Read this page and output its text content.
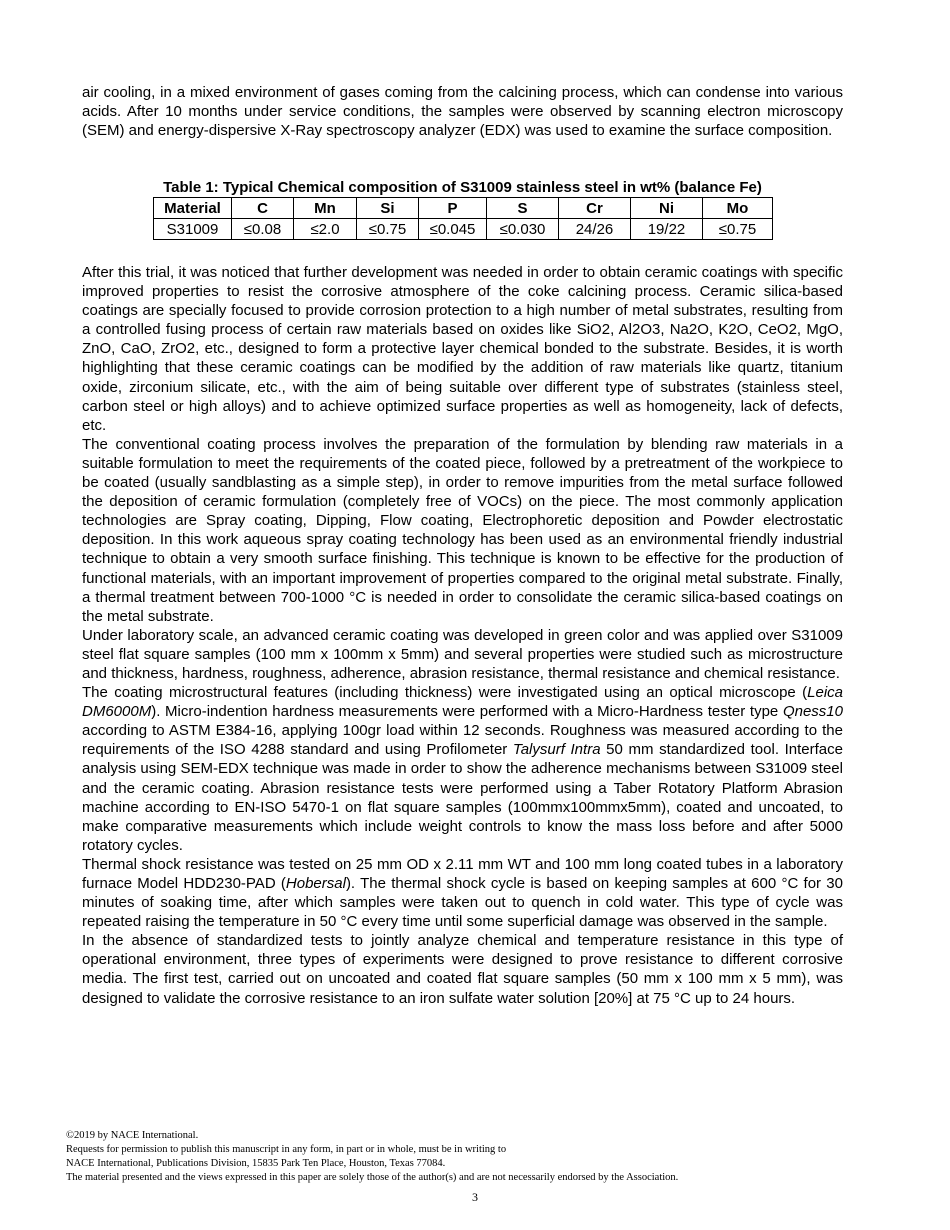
air cooling, in a mixed environment of gases coming from the calcining process, which can condense into various acids. After 10 months under service conditions, the samples were observed by scanning electron microscopy (SEM) and energy-dispersive X-Ray spectroscopy analyzer (EDX) was used to examine the surface composition.

Table 1: Typical Chemical composition of S31009 stainless steel in wt% (balance Fe)

Material	C	Mn	Si	P	S	Cr	Ni	Mo
S31009	≤0.08	≤2.0	≤0.75	≤0.045	≤0.030	24/26	19/22	≤0.75

After this trial, it was noticed that further development was needed in order to obtain ceramic coatings with specific improved properties to resist the corrosive atmosphere of the coke calcining process. Ceramic silica-based coatings are specially focused to provide corrosion protection to a high number of metal substrates, resulting from a controlled fusing process of certain raw materials based on oxides like SiO2, Al2O3, Na2O, K2O, CeO2, MgO, ZnO, CaO, ZrO2, etc., designed to form a protective layer chemical bonded to the substrate. Besides, it is worth highlighting that these ceramic coatings can be modified by the addition of raw materials like quartz, titanium oxide, zirconium silicate, etc., with the aim of being suitable over different type of substrates (stainless steel, carbon steel or high alloys) and to achieve optimized surface properties as well as homogeneity, lack of defects, etc.

The conventional coating process involves the preparation of the formulation by blending raw materials in a suitable formulation to meet the requirements of the coated piece, followed by a pretreatment of the workpiece to be coated (usually sandblasting as a simple step), in order to remove impurities from the metal surface followed the deposition of ceramic formulation (completely free of VOCs) on the piece. The most commonly application technologies are Spray coating, Dipping, Flow coating, Electrophoretic deposition and Powder electrostatic deposition. In this work aqueous spray coating technology has been used as an environmental friendly industrial technique to obtain a very smooth surface finishing. This technique is known to be effective for the production of functional materials, with an important improvement of properties compared to the original metal substrate. Finally, a thermal treatment between 700-1000 °C is needed in order to consolidate the ceramic silica-based coatings on the metal substrate.

Under laboratory scale, an advanced ceramic coating was developed in green color and was applied over S31009 steel flat square samples (100 mm x 100mm x 5mm) and several properties were studied such as microstructure and thickness, hardness, roughness, adherence, abrasion resistance, thermal resistance and chemical resistance.

The coating microstructural features (including thickness) were investigated using an optical microscope (Leica DM6000M). Micro-indention hardness measurements were performed with a Micro-Hardness tester type Qness10 according to ASTM E384-16, applying 100gr load within 12 seconds. Roughness was measured according to the requirements of the ISO 4288 standard and using Profilometer Talysurf Intra 50 mm standardized tool. Interface analysis using SEM-EDX technique was made in order to show the adherence mechanisms between S31009 steel and the ceramic coating. Abrasion resistance tests were performed using a Taber Rotatory Platform Abrasion machine according to EN-ISO 5470-1 on flat square samples (100mmx100mmx5mm), coated and uncoated, to make comparative measurements which include weight controls to know the mass loss before and after 5000 rotatory cycles.

Thermal shock resistance was tested on 25 mm OD x 2.11 mm WT and 100 mm long coated tubes in a laboratory furnace Model HDD230-PAD (Hobersal). The thermal shock cycle is based on keeping samples at 600 °C for 30 minutes of soaking time, after which samples were taken out to quench in cold water. This type of cycle was repeated raising the temperature in 50 °C every time until some superficial damage was observed in the sample.

In the absence of standardized tests to jointly analyze chemical and temperature resistance in this type of operational environment, three types of experiments were designed to prove resistance to different corrosive media. The first test, carried out on uncoated and coated flat square samples (50 mm x 100 mm x 5 mm), was designed to validate the corrosive resistance to an iron sulfate water solution [20%] at 75 °C up to 24 hours.

©2019 by NACE International.
Requests for permission to publish this manuscript in any form, in part or in whole, must be in writing to
NACE International, Publications Division, 15835 Park Ten Place, Houston, Texas 77084.
The material presented and the views expressed in this paper are solely those of the author(s) and are not necessarily endorsed by the Association.
3
